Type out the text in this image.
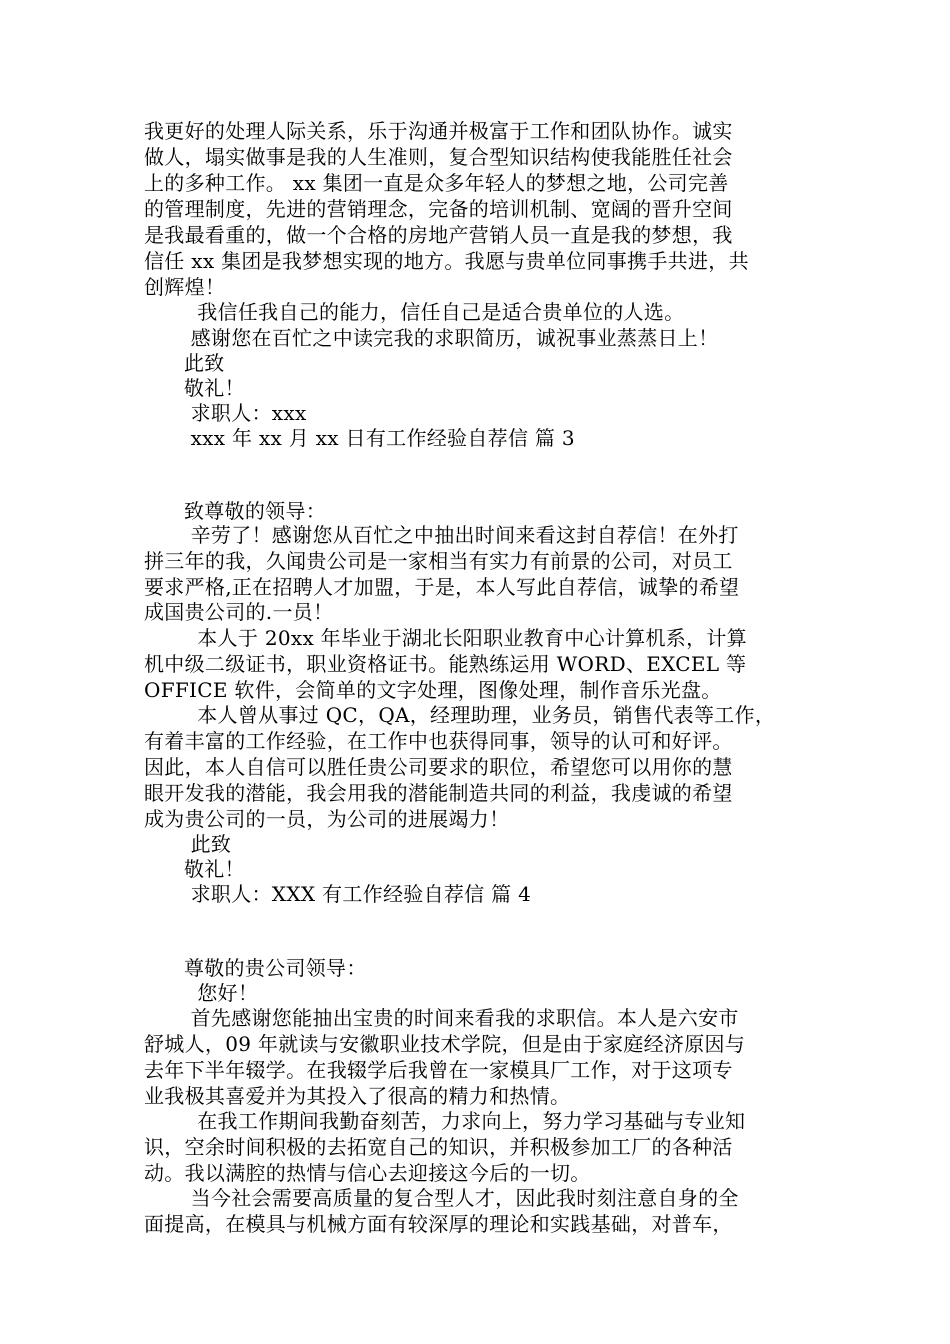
我更好的处理人际关系，乐于沟通并极富于工作和团队协作。诚实
做人，塌实做事是我的人生准则，复合型知识结构使我能胜任社会
上的多种工作。 xx 集团一直是众多年轻人的梦想之地，公司完善
的管理制度，先进的营销理念，完备的培训机制、宽阔的晋升空间
是我最看重的，做一个合格的房地产营销人员一直是我的梦想，我
信任 xx 集团是我梦想实现的地方。我愿与贵单位同事携手共进，共
创辉煌！
我信任我自己的能力，信任自己是适合贵单位的人选。
感谢您在百忙之中读完我的求职简历，诚祝事业蒸蒸日上！
此致
敬礼！
求职人：xxx
xxx 年 xx 月 xx 日有工作经验自荐信 篇 3
致尊敬的领导：
辛劳了！感谢您从百忙之中抽出时间来看这封自荐信！在外打
拼三年的我，久闻贵公司是一家相当有实力有前景的公司，对员工
要求严格,正在招聘人才加盟，于是，本人写此自荐信，诚挚的希望
成国贵公司的.一员！
本人于 20xx 年毕业于湖北长阳职业教育中心计算机系，计算
机中级二级证书，职业资格证书。能熟练运用 WORD、EXCEL 等
OFFICE 软件，会简单的文字处理，图像处理，制作音乐光盘。
本人曾从事过 QC，QA，经理助理，业务员，销售代表等工作，
有着丰富的工作经验，在工作中也获得同事，领导的认可和好评。
因此，本人自信可以胜任贵公司要求的职位，希望您可以用你的慧
眼开发我的潜能，我会用我的潜能制造共同的利益，我虔诚的希望
成为贵公司的一员，为公司的进展竭力！
此致
敬礼！
求职人：XXX 有工作经验自荐信 篇 4
尊敬的贵公司领导：
您好！
首先感谢您能抽出宝贵的时间来看我的求职信。本人是六安市
舒城人，09 年就读与安徽职业技术学院，但是由于家庭经济原因与
去年下半年辍学。在我辍学后我曾在一家模具厂工作，对于这项专
业我极其喜爱并为其投入了很高的精力和热情。
在我工作期间我勤奋刻苦，力求向上，努力学习基础与专业知
识，空余时间积极的去拓宽自己的知识，并积极参加工厂的各种活
动。我以满腔的热情与信心去迎接这今后的一切。
当今社会需要高质量的复合型人才，因此我时刻注意自身的全
面提高，在模具与机械方面有较深厚的理论和实践基础，对普车，
